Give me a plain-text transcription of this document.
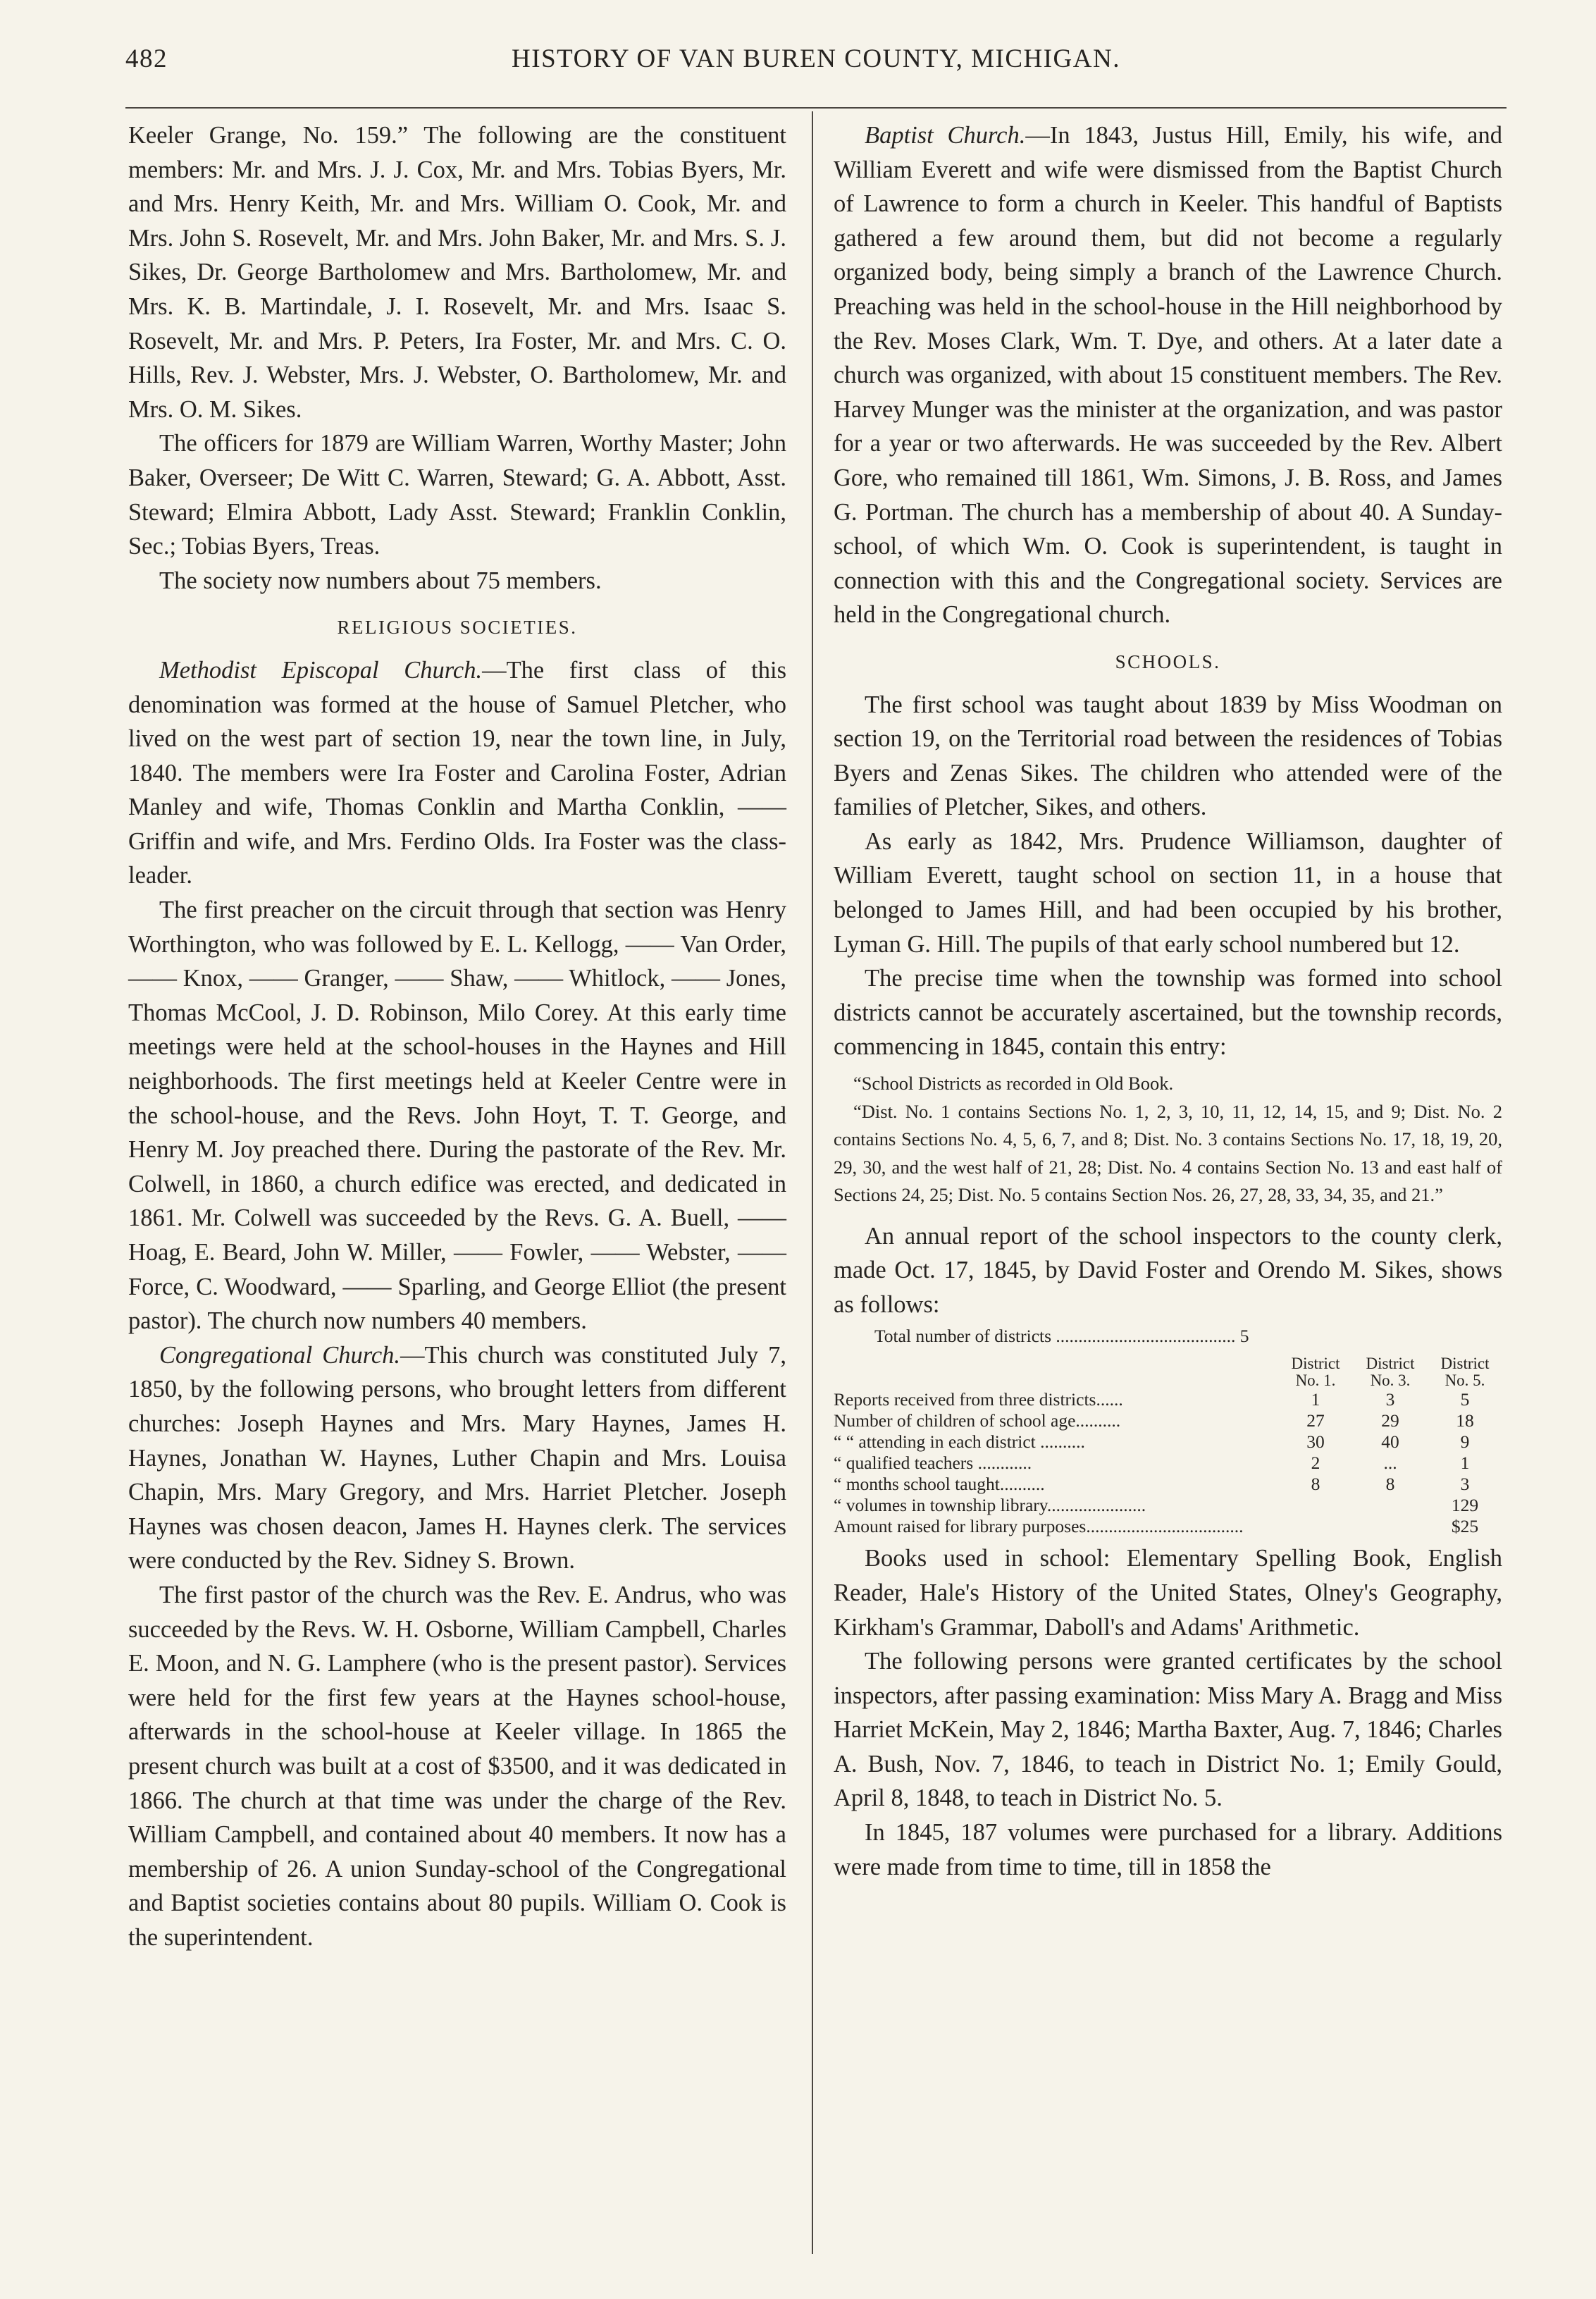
482	HISTORY OF VAN BUREN COUNTY, MICHIGAN.

Keeler Grange, No. 159.” The following are the constituent members: Mr. and Mrs. J. J. Cox, Mr. and Mrs. Tobias Byers, Mr. and Mrs. Henry Keith, Mr. and Mrs. William O. Cook, Mr. and Mrs. John S. Rosevelt, Mr. and Mrs. John Baker, Mr. and Mrs. S. J. Sikes, Dr. George Bartholomew and Mrs. Bartholomew, Mr. and Mrs. K. B. Martindale, J. I. Rosevelt, Mr. and Mrs. Isaac S. Rosevelt, Mr. and Mrs. P. Peters, Ira Foster, Mr. and Mrs. C. O. Hills, Rev. J. Webster, Mrs. J. Webster, O. Bartholomew, Mr. and Mrs. O. M. Sikes.

The officers for 1879 are William Warren, Worthy Master; John Baker, Overseer; De Witt C. Warren, Steward; G. A. Abbott, Asst. Steward; Elmira Abbott, Lady Asst. Steward; Franklin Conklin, Sec.; Tobias Byers, Treas.

The society now numbers about 75 members.

RELIGIOUS SOCIETIES.

Methodist Episcopal Church.—The first class of this denomination was formed at the house of Samuel Pletcher, who lived on the west part of section 19, near the town line, in July, 1840. The members were Ira Foster and Carolina Foster, Adrian Manley and wife, Thomas Conklin and Martha Conklin, —— Griffin and wife, and Mrs. Ferdino Olds. Ira Foster was the class-leader.

The first preacher on the circuit through that section was Henry Worthington, who was followed by E. L. Kellogg, —— Van Order, —— Knox, —— Granger, —— Shaw, —— Whitlock, —— Jones, Thomas McCool, J. D. Robinson, Milo Corey. At this early time meetings were held at the school-houses in the Haynes and Hill neighborhoods. The first meetings held at Keeler Centre were in the school-house, and the Revs. John Hoyt, T. T. George, and Henry M. Joy preached there. During the pastorate of the Rev. Mr. Colwell, in 1860, a church edifice was erected, and dedicated in 1861. Mr. Colwell was succeeded by the Revs. G. A. Buell, —— Hoag, E. Beard, John W. Miller, —— Fowler, —— Webster, —— Force, C. Woodward, —— Sparling, and George Elliot (the present pastor). The church now numbers 40 members.

Congregational Church.—This church was constituted July 7, 1850, by the following persons, who brought letters from different churches: Joseph Haynes and Mrs. Mary Haynes, James H. Haynes, Jonathan W. Haynes, Luther Chapin and Mrs. Louisa Chapin, Mrs. Mary Gregory, and Mrs. Harriet Pletcher. Joseph Haynes was chosen deacon, James H. Haynes clerk. The services were conducted by the Rev. Sidney S. Brown.

The first pastor of the church was the Rev. E. Andrus, who was succeeded by the Revs. W. H. Osborne, William Campbell, Charles E. Moon, and N. G. Lamphere (who is the present pastor). Services were held for the first few years at the Haynes school-house, afterwards in the school-house at Keeler village. In 1865 the present church was built at a cost of $3500, and it was dedicated in 1866. The church at that time was under the charge of the Rev. William Campbell, and contained about 40 members. It now has a membership of 26. A union Sunday-school of the Congregational and Baptist societies contains about 80 pupils. William O. Cook is the superintendent.

Baptist Church.—In 1843, Justus Hill, Emily, his wife, and William Everett and wife were dismissed from the Baptist Church of Lawrence to form a church in Keeler. This handful of Baptists gathered a few around them, but did not become a regularly organized body, being simply a branch of the Lawrence Church. Preaching was held in the school-house in the Hill neighborhood by the Rev. Moses Clark, Wm. T. Dye, and others. At a later date a church was organized, with about 15 constituent members. The Rev. Harvey Munger was the minister at the organization, and was pastor for a year or two afterwards. He was succeeded by the Rev. Albert Gore, who remained till 1861, Wm. Simons, J. B. Ross, and James G. Portman. The church has a membership of about 40. A Sunday-school, of which Wm. O. Cook is superintendent, is taught in connection with this and the Congregational society. Services are held in the Congregational church.

SCHOOLS.

The first school was taught about 1839 by Miss Woodman on section 19, on the Territorial road between the residences of Tobias Byers and Zenas Sikes. The children who attended were of the families of Pletcher, Sikes, and others.

As early as 1842, Mrs. Prudence Williamson, daughter of William Everett, taught school on section 11, in a house that belonged to James Hill, and had been occupied by his brother, Lyman G. Hill. The pupils of that early school numbered but 12.

The precise time when the township was formed into school districts cannot be accurately ascertained, but the township records, commencing in 1845, contain this entry:

“School Districts as recorded in Old Book.

“Dist. No. 1 contains Sections No. 1, 2, 3, 10, 11, 12, 14, 15, and 9; Dist. No. 2 contains Sections No. 4, 5, 6, 7, and 8; Dist. No. 3 contains Sections No. 17, 18, 19, 20, 29, 30, and the west half of 21, 28; Dist. No. 4 contains Section No. 13 and east half of Sections 24, 25; Dist. No. 5 contains Section Nos. 26, 27, 28, 33, 34, 35, and 21.”

An annual report of the school inspectors to the county clerk, made Oct. 17, 1845, by David Foster and Orendo M. Sikes, shows as follows:

Total number of districts ........................................ 5
	District No. 1.	District No. 3.	District No. 5.
Reports received from three districts......	1	3	5
Number of children of school age..........	27	29	18
“ “ attending in each district ..........	30	40	9
“ qualified teachers ............	2	...	1
“ months school taught..........	8	8	3
“ volumes in township library......................			129
Amount raised for library purposes...................................			$25

Books used in school: Elementary Spelling Book, English Reader, Hale's History of the United States, Olney's Geography, Kirkham's Grammar, Daboll's and Adams' Arithmetic.

The following persons were granted certificates by the school inspectors, after passing examination: Miss Mary A. Bragg and Miss Harriet McKein, May 2, 1846; Martha Baxter, Aug. 7, 1846; Charles A. Bush, Nov. 7, 1846, to teach in District No. 1; Emily Gould, April 8, 1848, to teach in District No. 5.

In 1845, 187 volumes were purchased for a library. Additions were made from time to time, till in 1858 the
